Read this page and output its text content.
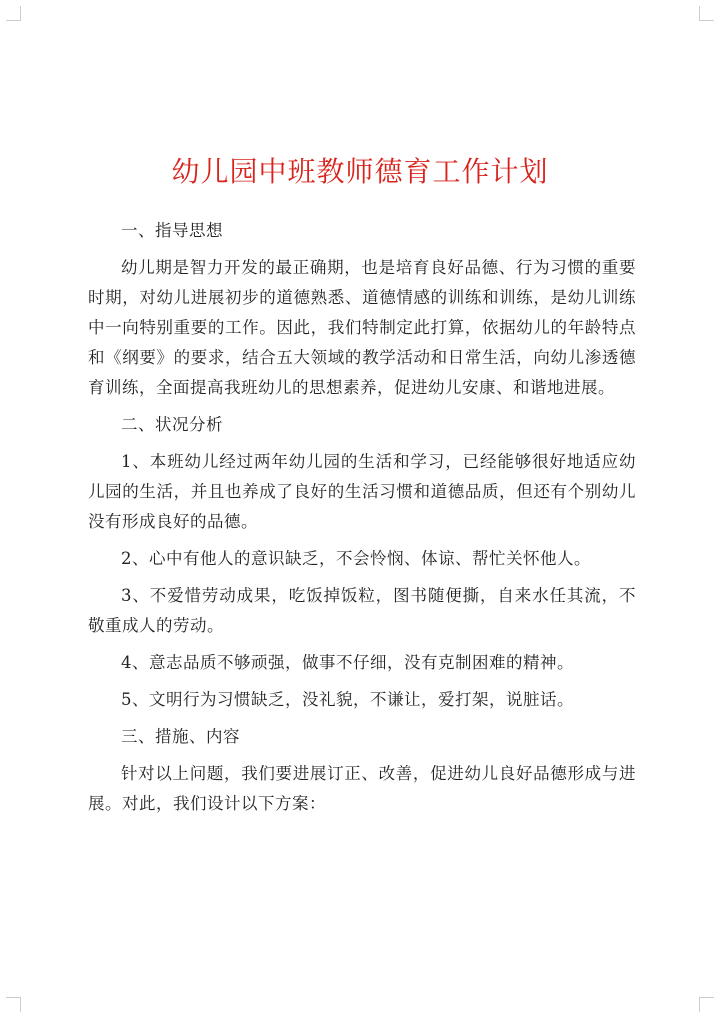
幼儿园中班教师德育工作计划

一、指导思想

幼儿期是智力开发的最正确期，也是培育良好品德、行为习惯的重要时期，对幼儿进展初步的道德熟悉、道德情感的训练和训练，是幼儿训练中一向特别重要的工作。因此，我们特制定此打算，依据幼儿的年龄特点和《纲要》的要求，结合五大领域的教学活动和日常生活，向幼儿渗透德育训练，全面提高我班幼儿的思想素养，促进幼儿安康、和谐地进展。

二、状况分析

1、本班幼儿经过两年幼儿园的生活和学习，已经能够很好地适应幼儿园的生活，并且也养成了良好的生活习惯和道德品质，但还有个别幼儿没有形成良好的品德。

2、心中有他人的意识缺乏，不会怜悯、体谅、帮忙关怀他人。

3、不爱惜劳动成果，吃饭掉饭粒，图书随便撕，自来水任其流，不敬重成人的劳动。

4、意志品质不够顽强，做事不仔细，没有克制困难的精神。

5、文明行为习惯缺乏，没礼貌，不谦让，爱打架，说脏话。

三、措施、内容

针对以上问题，我们要进展订正、改善，促进幼儿良好品德形成与进展。对此，我们设计以下方案：
